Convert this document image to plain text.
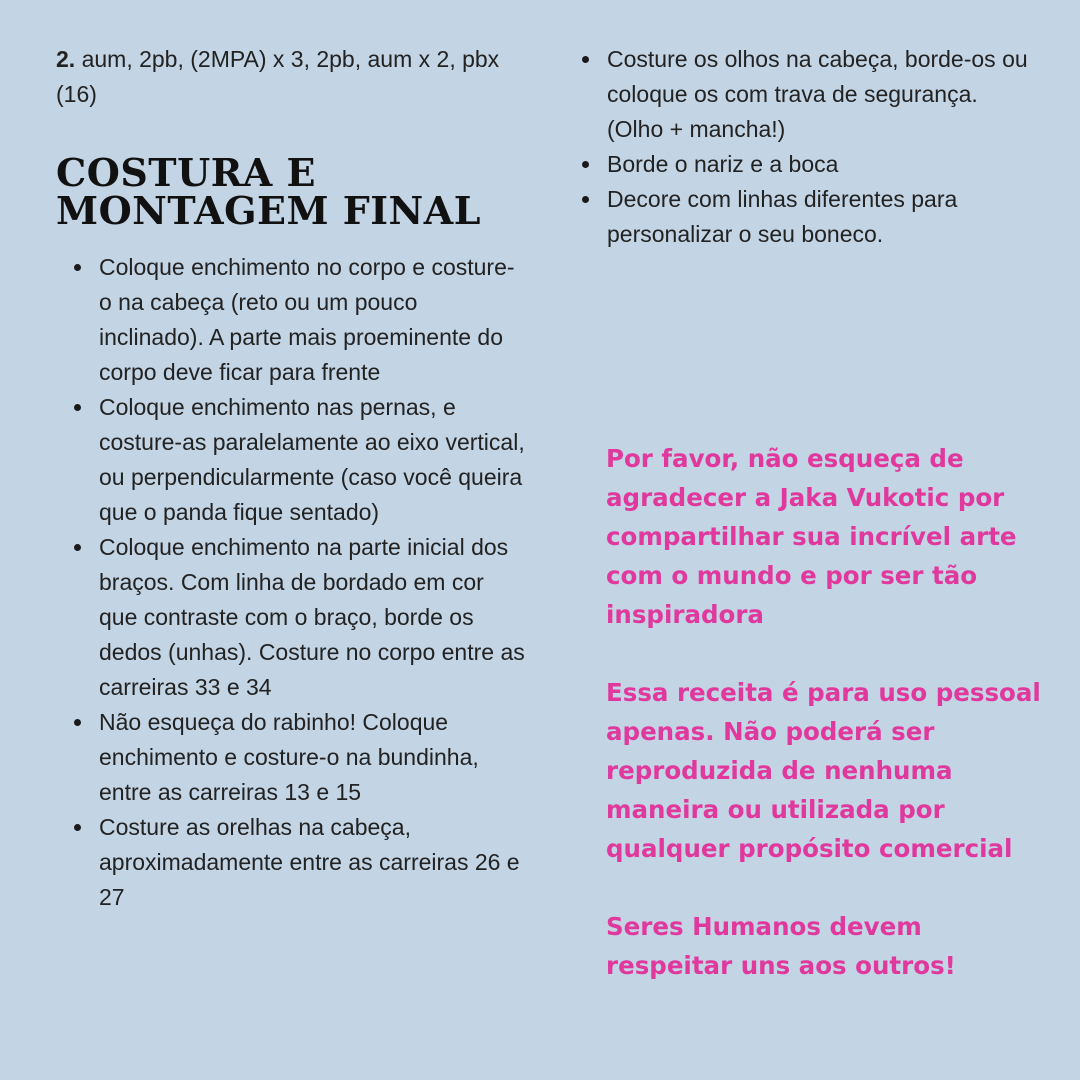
2. aum, 2pb, (2MPA) x 3, 2pb, aum x 2, pbx (16)

COSTURA E MONTAGEM FINAL
Coloque enchimento no corpo e costure-o na cabeça (reto ou um pouco inclinado). A parte mais proeminente do corpo deve ficar para frente
Coloque enchimento nas pernas, e costure-as paralelamente ao eixo vertical, ou perpendicularmente (caso você queira que o panda fique sentado)
Coloque enchimento na parte inicial dos braços. Com linha de bordado em cor que contraste com o braço, borde os dedos (unhas). Costure no corpo entre as carreiras 33 e 34
Não esqueça do rabinho! Coloque enchimento e costure-o na bundinha, entre as carreiras 13 e 15
Costure as orelhas na cabeça, aproximadamente entre as carreiras 26 e 27
Costure os olhos na cabeça, borde-os ou coloque os com trava de segurança. (Olho + mancha!)
Borde o nariz e a boca
Decore com linhas diferentes para personalizar o seu boneco.

Por favor, não esqueça de agradecer a Jaka Vukotic por compartilhar sua incrível arte com o mundo e por ser tão inspiradora

Essa receita é para uso pessoal apenas. Não poderá ser reproduzida de nenhuma maneira ou utilizada por qualquer propósito comercial

Seres Humanos devem respeitar uns aos outros!
